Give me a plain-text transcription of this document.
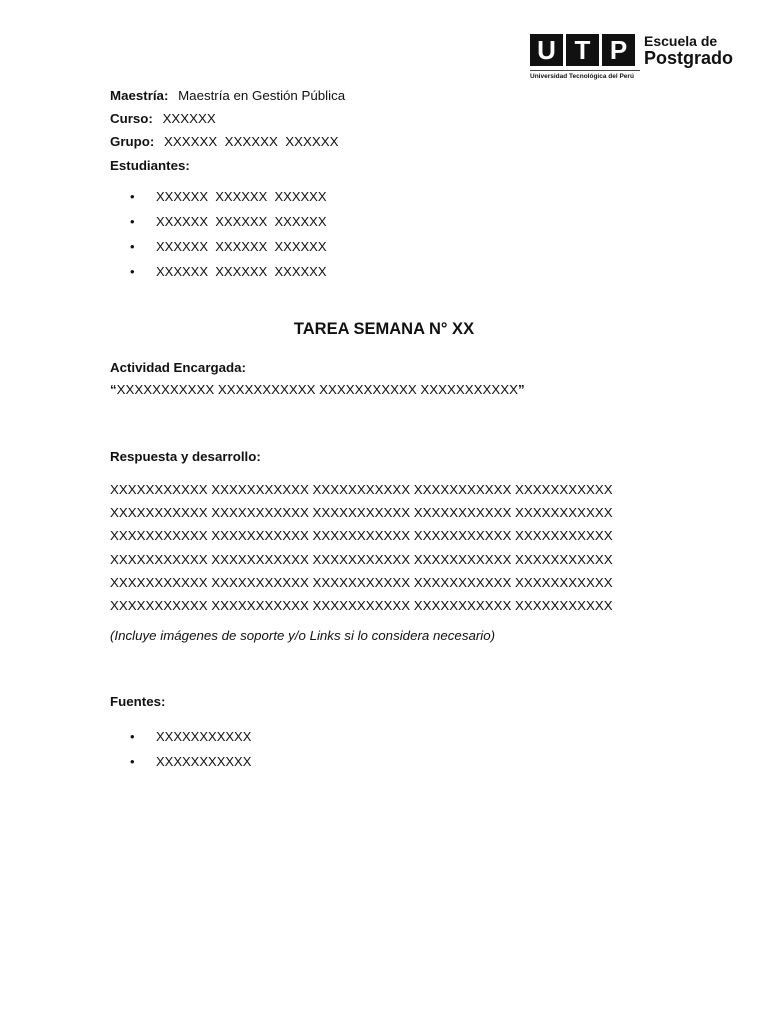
U T P
Universidad Tecnológica del Perú
Escuela de
Postgrado
Maestría: Maestría en Gestión Pública
Curso: XXXXXX
Grupo: XXXXXX  XXXXXX  XXXXXX
Estudiantes:
• XXXXXX  XXXXXX  XXXXXX
• XXXXXX  XXXXXX  XXXXXX
• XXXXXX  XXXXXX  XXXXXX
• XXXXXX  XXXXXX  XXXXXX
TAREA SEMANA N° XX
Actividad Encargada:
“XXXXXXXXXXX XXXXXXXXXXX XXXXXXXXXXX XXXXXXXXXXX”
Respuesta y desarrollo:
XXXXXXXXXXX XXXXXXXXXXX XXXXXXXXXXX XXXXXXXXXXX XXXXXXXXXXX
XXXXXXXXXXX XXXXXXXXXXX XXXXXXXXXXX XXXXXXXXXXX XXXXXXXXXXX
XXXXXXXXXXX XXXXXXXXXXX XXXXXXXXXXX XXXXXXXXXXX XXXXXXXXXXX
XXXXXXXXXXX XXXXXXXXXXX XXXXXXXXXXX XXXXXXXXXXX XXXXXXXXXXX
XXXXXXXXXXX XXXXXXXXXXX XXXXXXXXXXX XXXXXXXXXXX XXXXXXXXXXX
XXXXXXXXXXX XXXXXXXXXXX XXXXXXXXXXX XXXXXXXXXXX XXXXXXXXXXX
(Incluye imágenes de soporte y/o Links si lo considera necesario)
Fuentes:
• XXXXXXXXXXX
• XXXXXXXXXXX
